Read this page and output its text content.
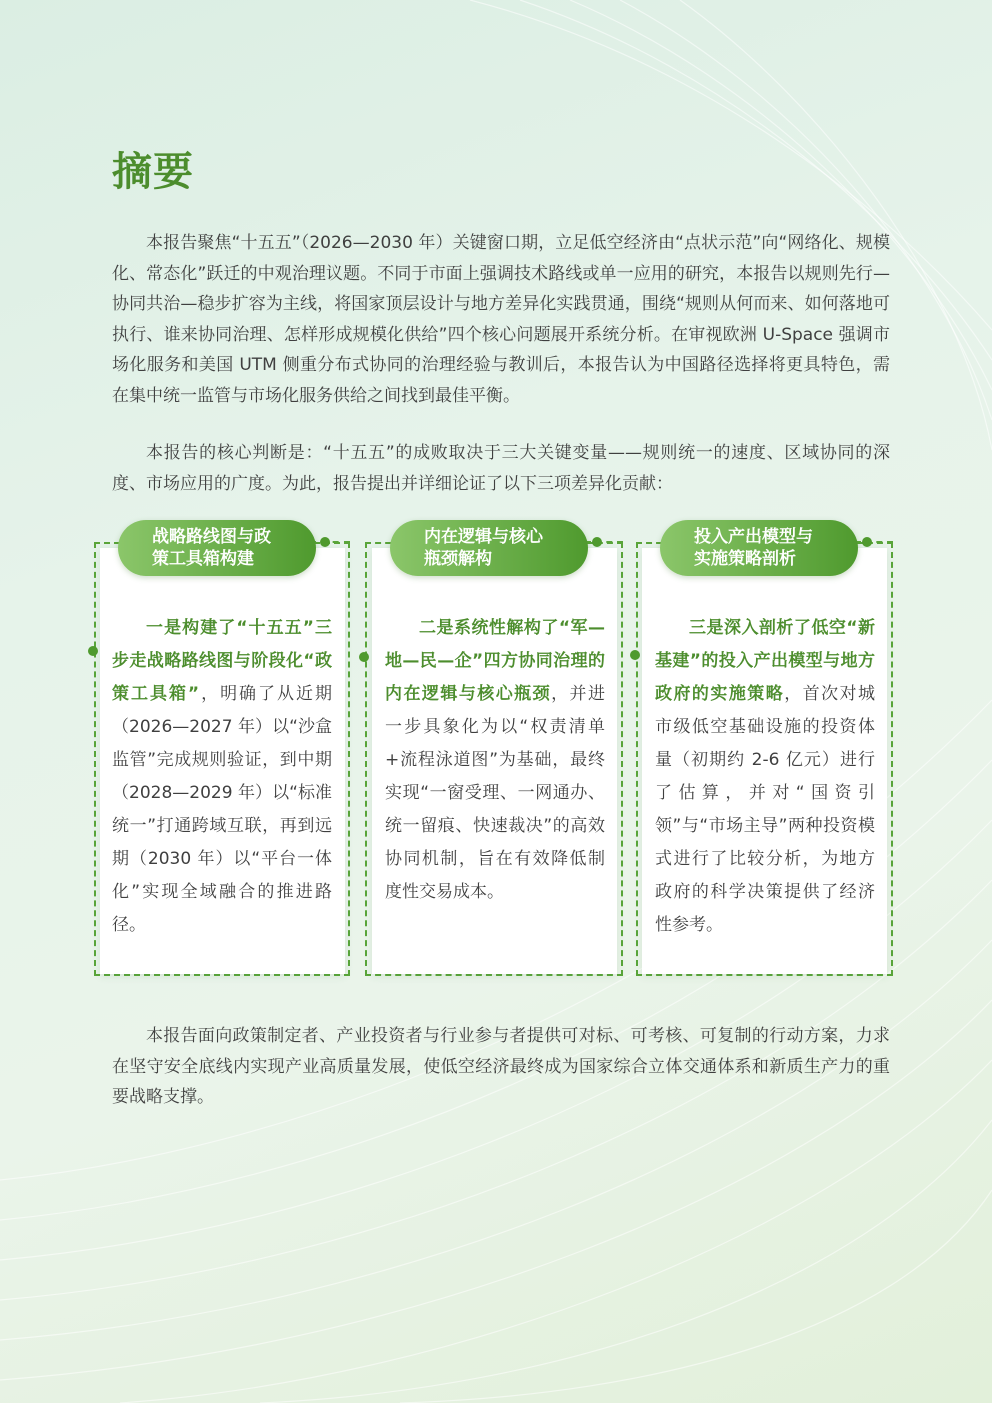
摘要

本报告聚焦“十五五”（2026—2030 年）关键窗口期，立足低空经济由“点状示范”向“网络化、规模化、常态化”跃迁的中观治理议题。不同于市面上强调技术路线或单一应用的研究，本报告以规则先行—协同共治—稳步扩容为主线，将国家顶层设计与地方差异化实践贯通，围绕“规则从何而来、如何落地可执行、谁来协同治理、怎样形成规模化供给”四个核心问题展开系统分析。在审视欧洲 U-Space 强调市场化服务和美国 UTM 侧重分布式协同的治理经验与教训后，本报告认为中国路径选择将更具特色，需在集中统一监管与市场化服务供给之间找到最佳平衡。

本报告的核心判断是：“十五五”的成败取决于三大关键变量——规则统一的速度、区域协同的深度、市场应用的广度。为此，报告提出并详细论证了以下三项差异化贡献：

战略路线图与政
策工具箱构建

一是构建了“十五五”三步走战略路线图与阶段化“政策工具箱”，明确了从近期（2026—2027 年）以“沙盒监管”完成规则验证，到中期（2028—2029 年）以“标准统一”打通跨域互联，再到远期（2030 年）以“平台一体化”实现全域融合的推进路径。

内在逻辑与核心
瓶颈解构

二是系统性解构了“军—地—民—企”四方协同治理的内在逻辑与核心瓶颈，并进一步具象化为以“权责清单+流程泳道图”为基础，最终实现“一窗受理、一网通办、统一留痕、快速裁决”的高效协同机制，旨在有效降低制度性交易成本。

投入产出模型与
实施策略剖析

三是深入剖析了低空“新基建”的投入产出模型与地方政府的实施策略，首次对城市级低空基础设施的投资体量（初期约 2-6 亿元）进行了估算，并对“国资引领”与“市场主导”两种投资模式进行了比较分析，为地方政府的科学决策提供了经济性参考。

本报告面向政策制定者、产业投资者与行业参与者提供可对标、可考核、可复制的行动方案，力求在坚守安全底线内实现产业高质量发展，使低空经济最终成为国家综合立体交通体系和新质生产力的重要战略支撑。
